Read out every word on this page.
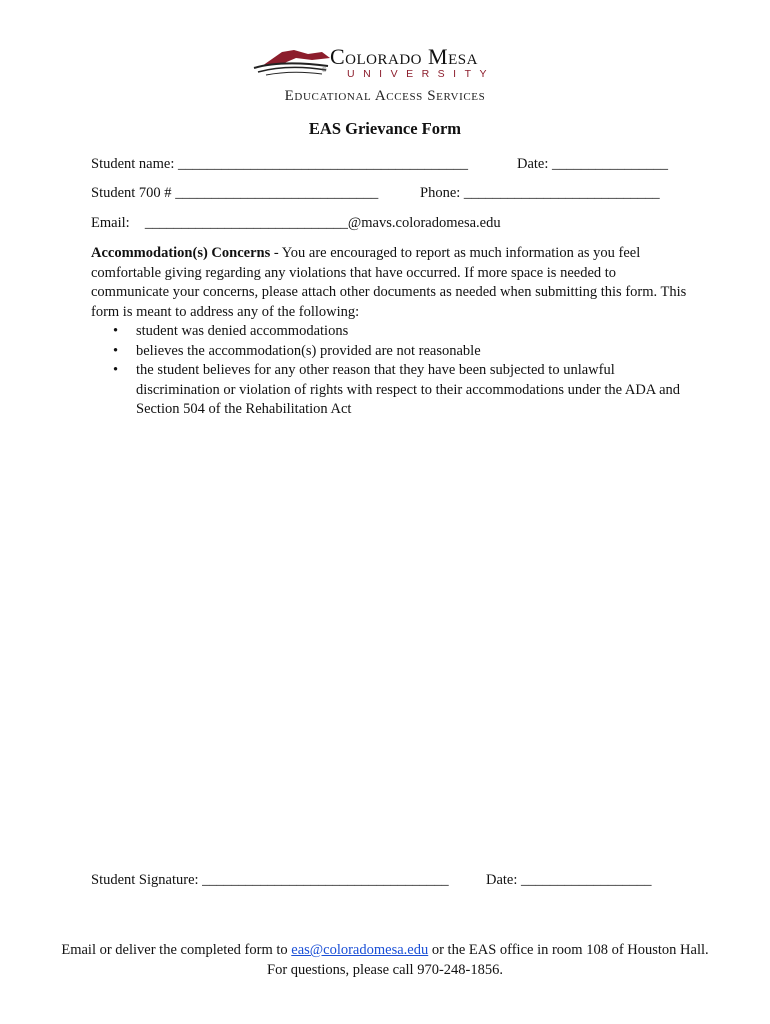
Colorado Mesa
® UNIVERSITY
Educational Access Services
EAS Grievance Form
Student name: ________________________________________	Date: ________________
Student 700 # ____________________________	Phone: ___________________________
Email: ____________________________@mavs.coloradomesa.edu
Accommodation(s) Concerns - You are encouraged to report as much information as you feel comfortable giving regarding any violations that have occurred. If more space is needed to communicate your concerns, please attach other documents as needed when submitting this form. This form is meant to address any of the following:
• student was denied accommodations
• believes the accommodation(s) provided are not reasonable
• the student believes for any other reason that they have been subjected to unlawful discrimination or violation of rights with respect to their accommodations under the ADA and Section 504 of the Rehabilitation Act
Student Signature: __________________________________	Date: __________________
Email or deliver the completed form to eas@coloradomesa.edu or the EAS office in room 108 of Houston Hall. For questions, please call 970-248-1856.
